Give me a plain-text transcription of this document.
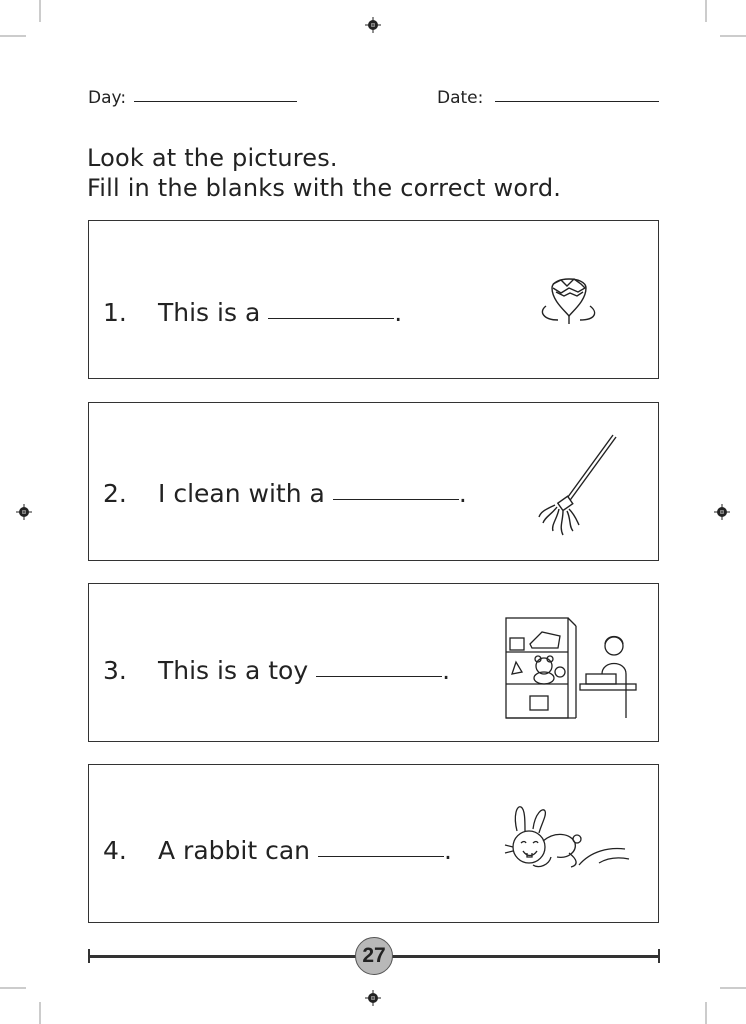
Day:	Date:
Look at the pictures.
Fill in the blanks with the correct word.
1. This is a	.
2. I clean with a	.
3. This is a toy	.
4. A rabbit can	.
27
